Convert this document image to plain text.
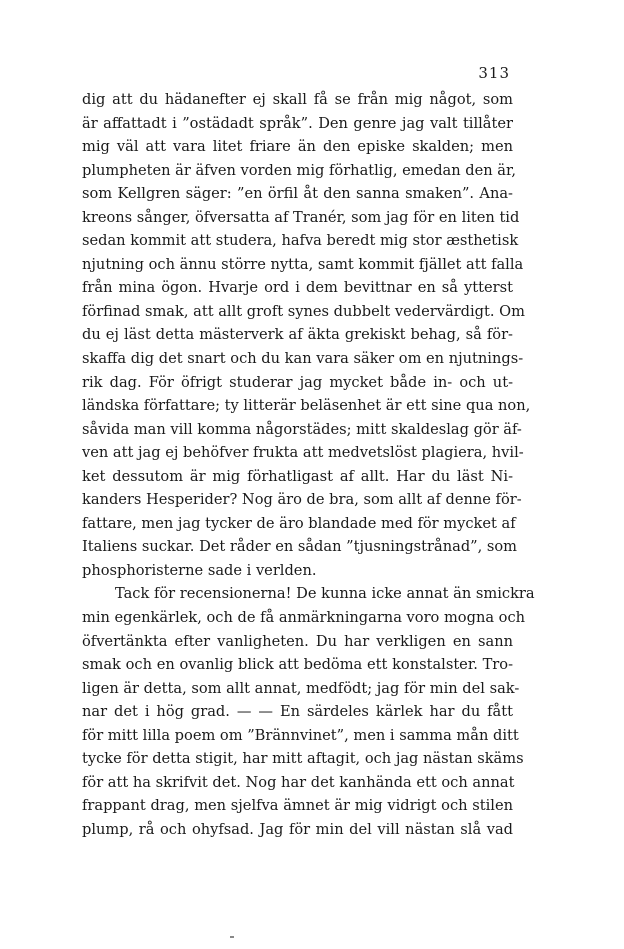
313
dig att du hädanefter ej skall få se från mig något, som
är affattadt i ”ostädadt språk”. Den genre jag valt tillåter
mig väl att vara litet friare än den episke skalden; men
plumpheten är äfven vorden mig förhatlig, emedan den är,
som Kellgren säger: ”en örfil åt den sanna smaken”. Ana-
kreons sånger, öfversatta af Tranér, som jag för en liten tid
sedan kommit att studera, hafva beredt mig stor æsthetisk
njutning och ännu större nytta, samt kommit fjället att falla
från mina ögon. Hvarje ord i dem bevittnar en så ytterst
förfinad smak, att allt groft synes dubbelt vedervärdigt. Om
du ej läst detta mästerverk af äkta grekiskt behag, så för-
skaffa dig det snart och du kan vara säker om en njutnings-
rik dag. För öfrigt studerar jag mycket både in- och ut-
ländska författare; ty litterär beläsenhet är ett sine qua non,
såvida man vill komma någorstädes; mitt skaldeslag gör äf-
ven att jag ej behöfver frukta att medvetslöst plagiera, hvil-
ket dessutom är mig förhatligast af allt. Har du läst Ni-
kanders Hesperider? Nog äro de bra, som allt af denne för-
fattare, men jag tycker de äro blandade med för mycket af
Italiens suckar. Det råder en sådan ”tjusningstrånad”, som
phosphoristerne sade i verlden.
Tack för recensionerna! De kunna icke annat än smickra
min egenkärlek, och de få anmärkningarna voro mogna och
öfvertänkta efter vanligheten. Du har verkligen en sann
smak och en ovanlig blick att bedöma ett konstalster. Tro-
ligen är detta, som allt annat, medfödt; jag för min del sak-
nar det i hög grad. — — En särdeles kärlek har du fått
för mitt lilla poem om ”Brännvinet”, men i samma mån ditt
tycke för detta stigit, har mitt aftagit, och jag nästan skäms
för att ha skrifvit det. Nog har det kanhända ett och annat
frappant drag, men sjelfva ämnet är mig vidrigt och stilen
plump, rå och ohyfsad. Jag för min del vill nästan slå vad
